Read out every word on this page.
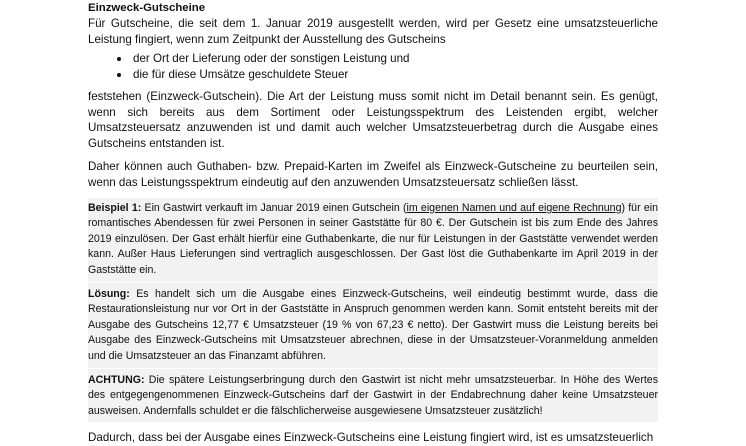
Einzweck-Gutscheine

Für Gutscheine, die seit dem 1. Januar 2019 ausgestellt werden, wird per Gesetz eine umsatzsteuerliche Leistung fingiert, wenn zum Zeitpunkt der Ausstellung des Gutscheins

der Ort der Lieferung oder der sonstigen Leistung und
die für diese Umsätze geschuldete Steuer

feststehen (Einzweck-Gutschein). Die Art der Leistung muss somit nicht im Detail benannt sein. Es genügt, wenn sich bereits aus dem Sortiment oder Leistungsspektrum des Leistenden ergibt, welcher Umsatzsteuersatz anzuwenden ist und damit auch welcher Umsatzsteuerbetrag durch die Ausgabe eines Gutscheins entstanden ist.

Daher können auch Guthaben- bzw. Prepaid-Karten im Zweifel als Einzweck-Gutscheine zu beurteilen sein, wenn das Leistungsspektrum eindeutig auf den anzuwenden Umsatzsteuersatz schließen lässt.

Beispiel 1: Ein Gastwirt verkauft im Januar 2019 einen Gutschein (im eigenen Namen und auf eigene Rechnung) für ein romantisches Abendessen für zwei Personen in seiner Gaststätte für 80 €. Der Gutschein ist bis zum Ende des Jahres 2019 einzulösen. Der Gast erhält hierfür eine Guthabenkarte, die nur für Leistungen in der Gaststätte verwendet werden kann. Außer Haus Lieferungen sind vertraglich ausgeschlossen. Der Gast löst die Guthabenkarte im April 2019 in der Gaststätte ein.

Lösung: Es handelt sich um die Ausgabe eines Einzweck-Gutscheins, weil eindeutig bestimmt wurde, dass die Restaurationsleistung nur vor Ort in der Gaststätte in Anspruch genommen werden kann. Somit entsteht bereits mit der Ausgabe des Gutscheins 12,77 € Umsatzsteuer (19 % von 67,23 € netto). Der Gastwirt muss die Leistung bereits bei Ausgabe des Einzweck-Gutscheins mit Umsatzsteuer abrechnen, diese in der Umsatzsteuer-Voranmeldung anmelden und die Umsatzsteuer an das Finanzamt abführen.

ACHTUNG: Die spätere Leistungserbringung durch den Gastwirt ist nicht mehr umsatzsteuerbar. In Höhe des Wertes des entgegengenommenen Einzweck-Gutscheins darf der Gastwirt in der Endabrechnung daher keine Umsatzsteuer ausweisen. Andernfalls schuldet er die fälschlicherweise ausgewiesene Umsatzsteuer zusätzlich!

Dadurch, dass bei der Ausgabe eines Einzweck-Gutscheins eine Leistung fingiert wird, ist es umsatzsteuerlich
